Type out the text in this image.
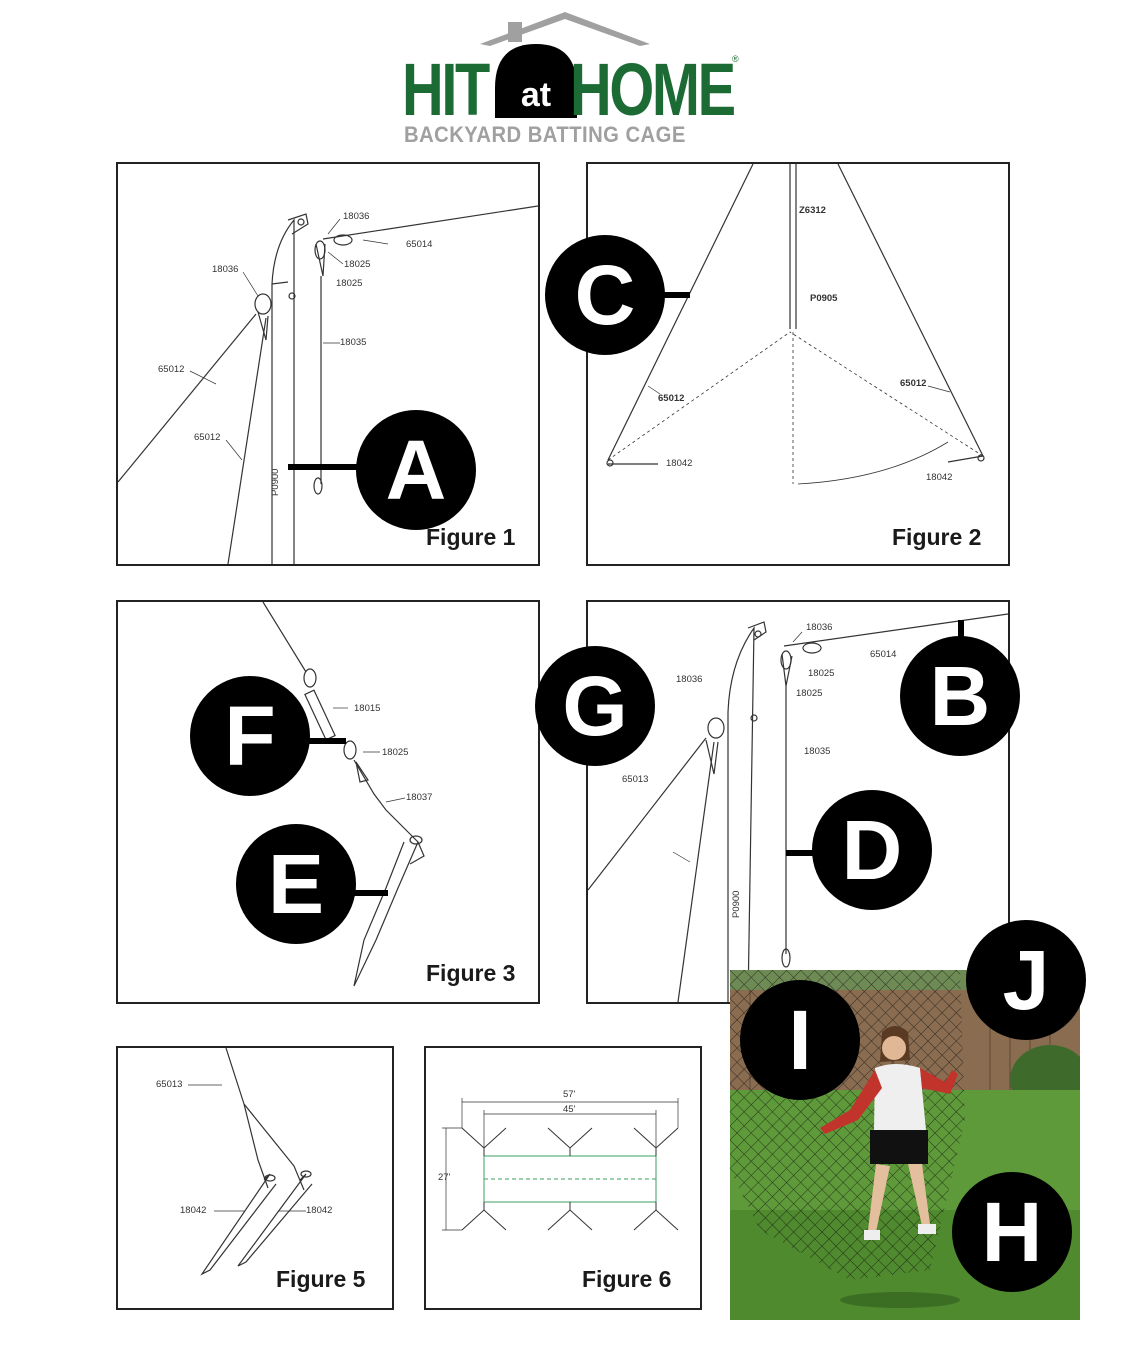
HIT at HOME
®
BACKYARD BATTING CAGE
18036
65014
18025
18025
18036
18035
65012
65012
P0900
Figure 1
Z6312
P0905
65012
65012
18042
18042
Figure 2
18015
18025
18037
Figure 3
18036
18025
65014
18025
18036
18035
65013
P0900
65013
18042	18042
Figure 5
57'
45'
27'
Figure 6
A
B
C
D
E
F	G
H
I
J
